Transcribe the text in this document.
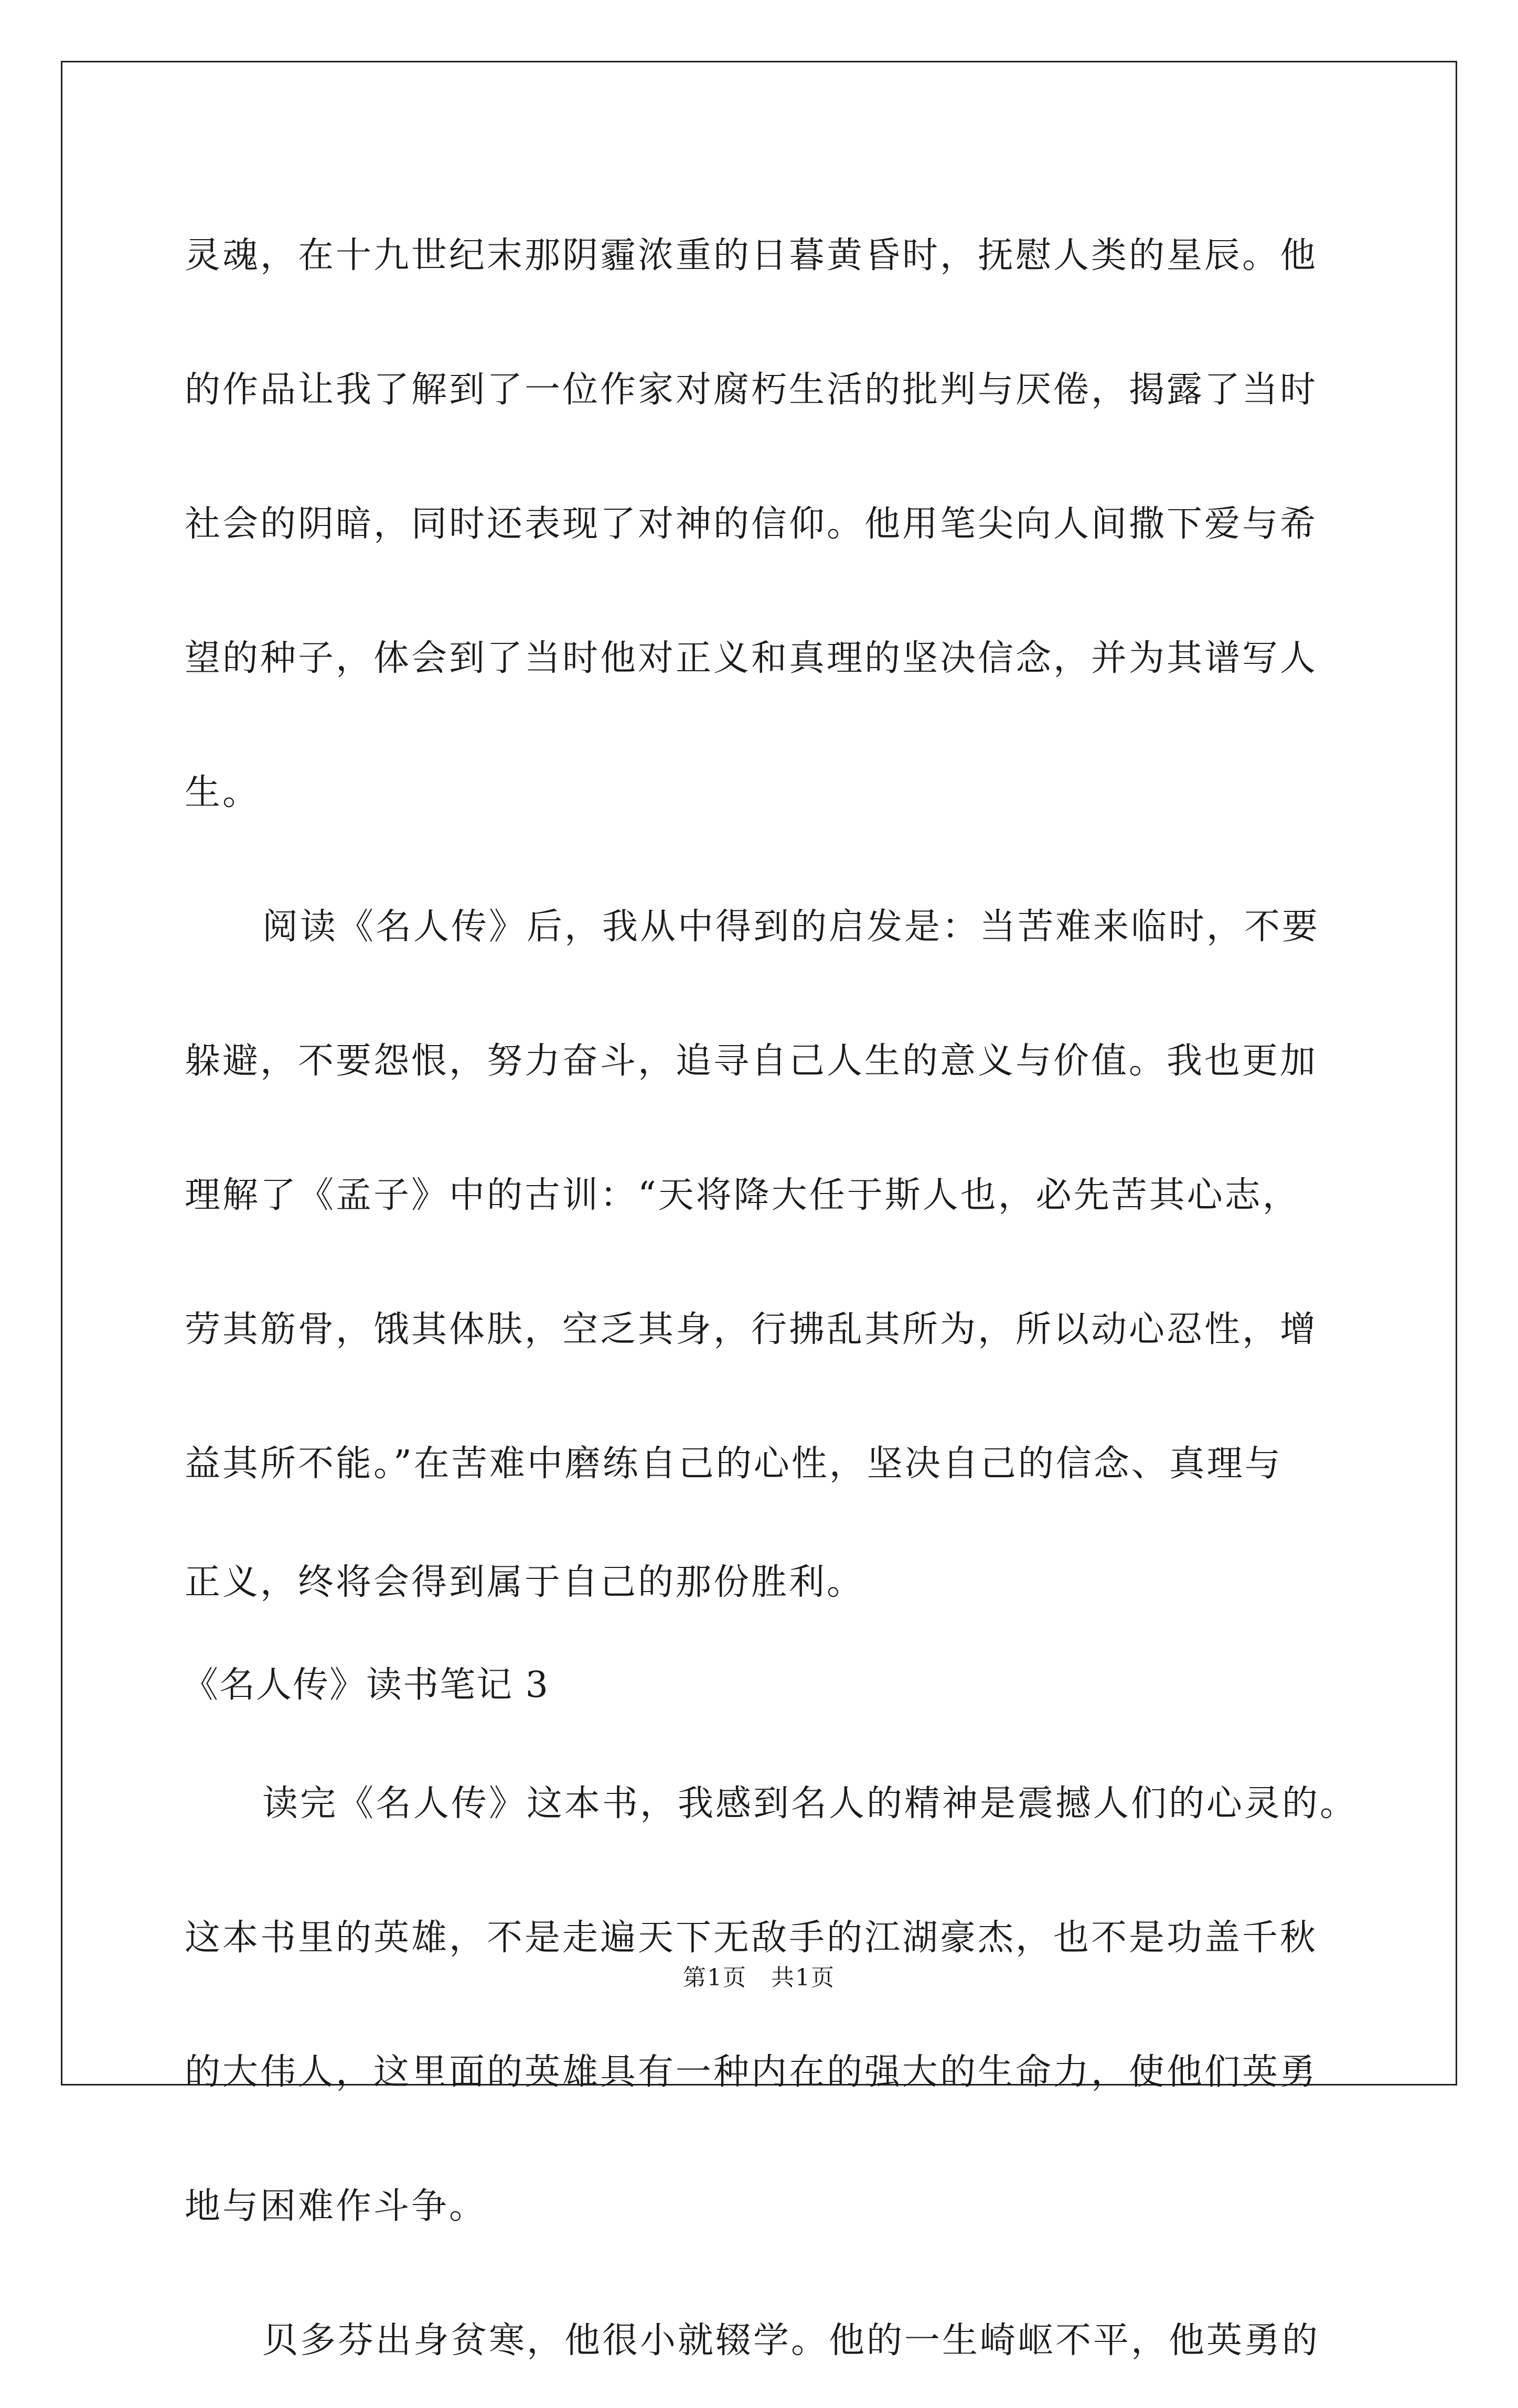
灵魂，在十九世纪末那阴霾浓重的日暮黄昏时，抚慰人类的星辰。他
的作品让我了解到了一位作家对腐朽生活的批判与厌倦，揭露了当时
社会的阴暗，同时还表现了对神的信仰。他用笔尖向人间撒下爱与希
望的种子，体会到了当时他对正义和真理的坚决信念，并为其谱写人
生。
阅读《名人传》后，我从中得到的启发是：当苦难来临时，不要
躲避，不要怨恨，努力奋斗，追寻自己人生的意义与价值。我也更加
理解了《孟子》中的古训：“天将降大任于斯人也，必先苦其心志，
劳其筋骨，饿其体肤，空乏其身，行拂乱其所为，所以动心忍性，增
益其所不能。”在苦难中磨练自己的心性，坚决自己的信念、真理与
正义，终将会得到属于自己的那份胜利。
《名人传》读书笔记 3
读完《名人传》这本书，我感到名人的精神是震撼人们的心灵的。
这本书里的英雄，不是走遍天下无敌手的江湖豪杰，也不是功盖千秋
的大伟人，这里面的英雄具有一种内在的强大的生命力，使他们英勇
地与困难作斗争。
贝多芬出身贫寒，他很小就辍学。他的一生崎岖不平，他英勇的
第1页　共1页
